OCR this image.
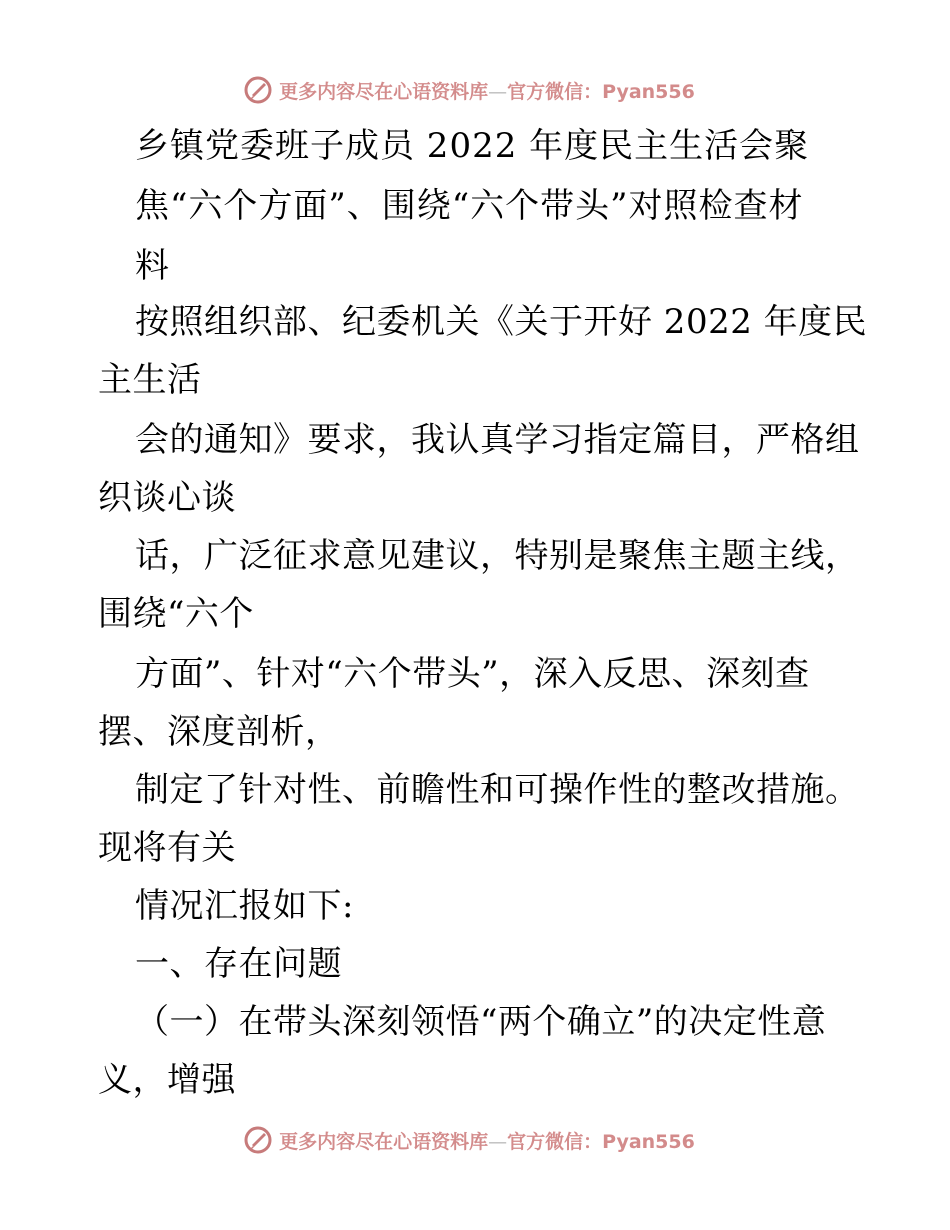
更多内容尽在心语资料库—官方微信：Pyan556
乡镇党委班子成员 2022 年度民主生活会聚
焦“六个方面”、围绕“六个带头”对照检查材
料
按照组织部、纪委机关《关于开好 2022 年度民
主生活
会的通知》要求，我认真学习指定篇目，严格组
织谈心谈
话，广泛征求意见建议，特别是聚焦主题主线，
围绕“六个
方面”、针对“六个带头”，深入反思、深刻查
摆、深度剖析，
制定了针对性、前瞻性和可操作性的整改措施。
现将有关
情况汇报如下:
一、存在问题
（一）在带头深刻领悟“两个确立”的决定性意
义，增强
更多内容尽在心语资料库—官方微信：Pyan556
